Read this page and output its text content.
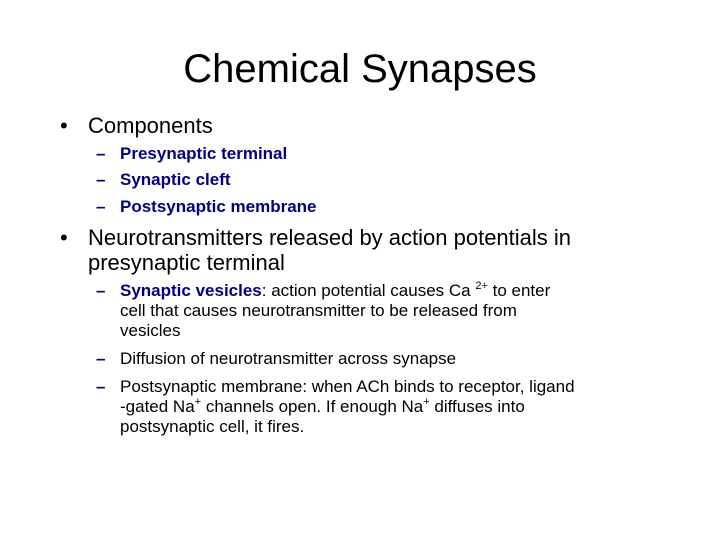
Chemical Synapses
• Components
– Presynaptic terminal
– Synaptic cleft
– Postsynaptic membrane
• Neurotransmitters released by action potentials in
presynaptic terminal
– Synaptic vesicles: action potential causes Ca $^{2+}$ to enter
cell that causes neurotransmitter to be released from
vesicles
– Diffusion of neurotransmitter across synapse
– Postsynaptic membrane: when ACh binds to receptor, ligand
-gated Na+ channels open. If enough Na+ diffuses into
postsynaptic cell, it fires.
